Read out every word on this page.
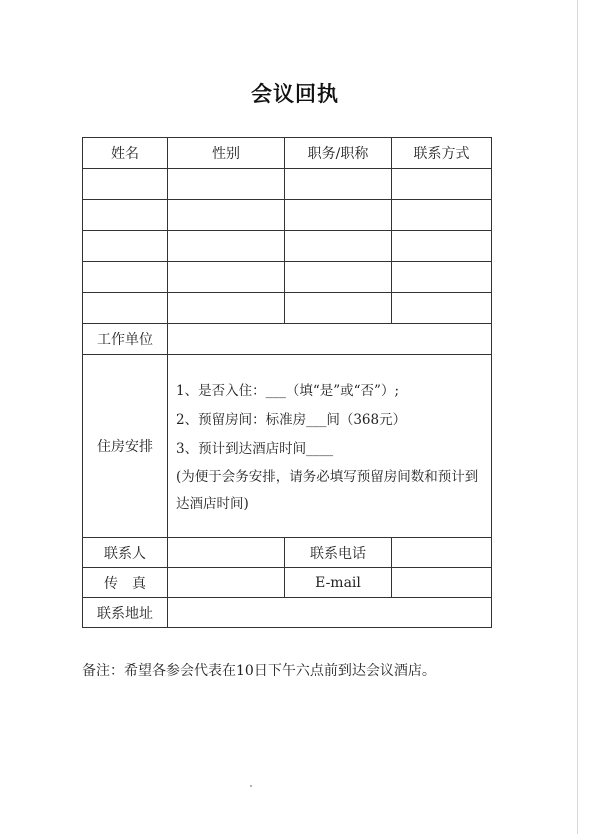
会议回执
姓名	性别	职务/职称	联系方式

工作单位			
住房安排	1、是否入住：___（填“是”或“否”）;
2、预留房间：标准房___间（368元）
3、预计到达酒店时间____
(为便于会务安排，请务必填写预留房间数和预计到达酒店时间)		

联系人		联系电话	
传　真		E-mail	
联系地址			
备注：希望各参会代表在10日下午六点前到达会议酒店。
